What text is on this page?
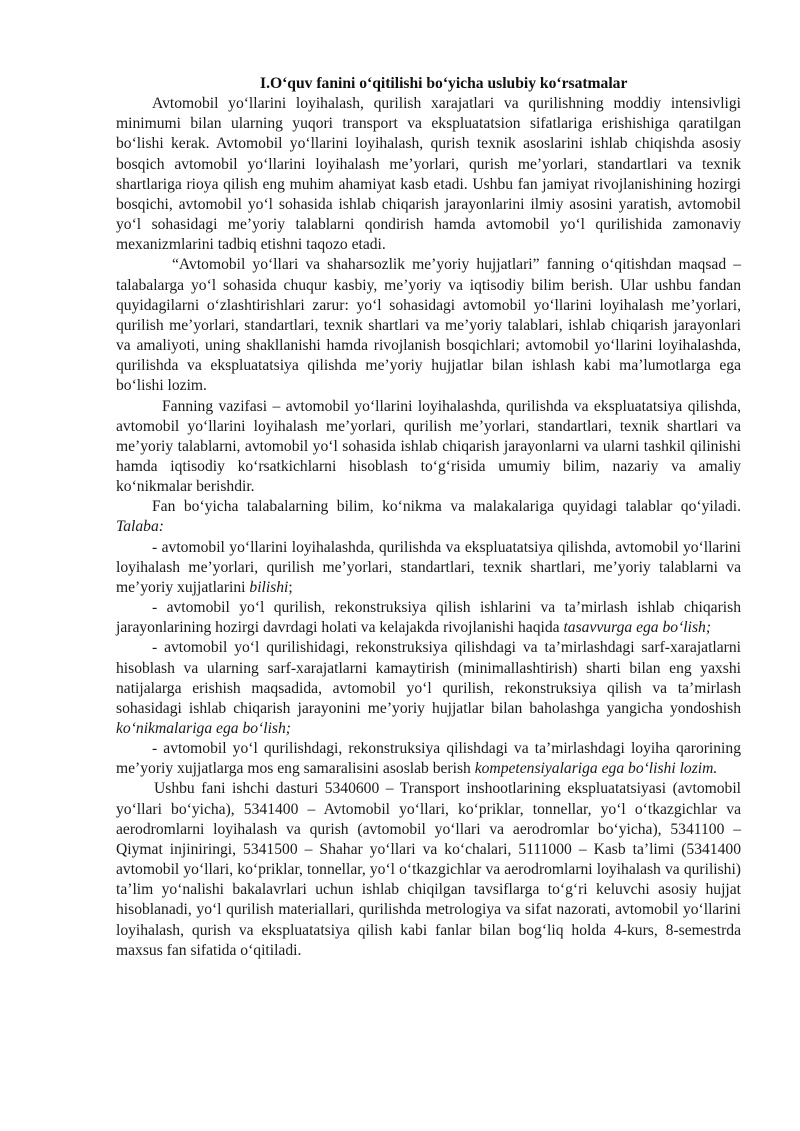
I.O‘quv fanini o‘qitilishi bo‘yicha uslubiy ko‘rsatmalar

Avtomobil yo‘llarini loyihalash, qurilish xarajatlari va qurilishning moddiy intensivligi minimumi bilan ularning yuqori transport va ekspluatatsion sifatlariga erishishiga qaratilgan bo‘lishi kerak. Avtomobil yo‘llarini loyihalash, qurish texnik asoslarini ishlab chiqishda asosiy bosqich avtomobil yo‘llarini loyihalash me’yorlari, qurish me’yorlari, standartlari va texnik shartlariga rioya qilish eng muhim ahamiyat kasb etadi. Ushbu fan jamiyat rivojlanishining hozirgi bosqichi, avtomobil yo‘l sohasida ishlab chiqarish jarayonlarini ilmiy asosini yaratish, avtomobil yo‘l sohasidagi me’yoriy talablarni qondirish hamda avtomobil yo‘l qurilishida zamonaviy mexanizmlarini tadbiq etishni taqozo etadi.

“Avtomobil yo‘llari va shaharsozlik me’yoriy hujjatlari” fanning o‘qitishdan maqsad – talabalarga yo‘l sohasida chuqur kasbiy, me’yoriy va iqtisodiy bilim berish. Ular ushbu fandan quyidagilarni o‘zlashtirishlari zarur: yo‘l sohasidagi avtomobil yo‘llarini loyihalash me’yorlari, qurilish me’yorlari, standartlari, texnik shartlari va me’yoriy talablari, ishlab chiqarish jarayonlari va amaliyoti, uning shakllanishi hamda rivojlanish bosqichlari; avtomobil yo‘llarini loyihalashda, qurilishda va ekspluatatsiya qilishda me’yoriy hujjatlar bilan ishlash kabi ma’lumotlarga ega bo‘lishi lozim.

Fanning vazifasi – avtomobil yo‘llarini loyihalashda, qurilishda va ekspluatatsiya qilishda, avtomobil yo‘llarini loyihalash me’yorlari, qurilish me’yorlari, standartlari, texnik shartlari va me’yoriy talablarni, avtomobil yo‘l sohasida ishlab chiqarish jarayonlarni va ularni tashkil qilinishi hamda iqtisodiy ko‘rsatkichlarni hisoblash to‘g‘risida umumiy bilim, nazariy va amaliy ko‘nikmalar berishdir.

Fan bo‘yicha talabalarning bilim, ko‘nikma va malakalariga quyidagi talablar qo‘yiladi. Talaba:

- avtomobil yo‘llarini loyihalashda, qurilishda va ekspluatatsiya qilishda, avtomobil yo‘llarini loyihalash me’yorlari, qurilish me’yorlari, standartlari, texnik shartlari, me’yoriy talablarni va me’yoriy xujjatlarini bilishi;

- avtomobil yo‘l qurilish, rekonstruksiya qilish ishlarini va ta’mirlash ishlab chiqarish jarayonlarining hozirgi davrdagi holati va kelajakda rivojlanishi haqida tasavvurga ega bo‘lish;

- avtomobil yo‘l qurilishidagi, rekonstruksiya qilishdagi va ta’mirlashdagi sarf-xarajatlarni hisoblash va ularning sarf-xarajatlarni kamaytirish (minimallashtirish) sharti bilan eng yaxshi natijalarga erishish maqsadida, avtomobil yo‘l qurilish, rekonstruksiya qilish va ta’mirlash sohasidagi ishlab chiqarish jarayonini me’yoriy hujjatlar bilan baholashga yangicha yondoshish ko‘nikmalariga ega bo‘lish;

- avtomobil yo‘l qurilishdagi, rekonstruksiya qilishdagi va ta’mirlashdagi loyiha qarorining me’yoriy xujjatlarga mos eng samaralisini asoslab berish kompetensiyalariga ega bo‘lishi lozim.

Ushbu fani ishchi dasturi 5340600 – Transport inshootlarining ekspluatatsiyasi (avtomobil yo‘llari bo‘yicha), 5341400 – Avtomobil yo‘llari, ko‘priklar, tonnellar, yo‘l o‘tkazgichlar va aerodromlarni loyihalash va qurish (avtomobil yo‘llari va aerodromlar bo‘yicha), 5341100 – Qiymat injiniringi, 5341500 – Shahar yo‘llari va ko‘chalari, 5111000 – Kasb ta’limi (5341400 avtomobil yo‘llari, ko‘priklar, tonnellar, yo‘l o‘tkazgichlar va aerodromlarni loyihalash va qurilishi) ta’lim yo‘nalishi bakalavrlari uchun ishlab chiqilgan tavsiflarga to‘g‘ri keluvchi asosiy hujjat hisoblanadi, yo‘l qurilish materiallari, qurilishda metrologiya va sifat nazorati, avtomobil yo‘llarini loyihalash, qurish va ekspluatatsiya qilish kabi fanlar bilan bog‘liq holda 4-kurs, 8-semestrda maxsus fan sifatida o‘qitiladi.
